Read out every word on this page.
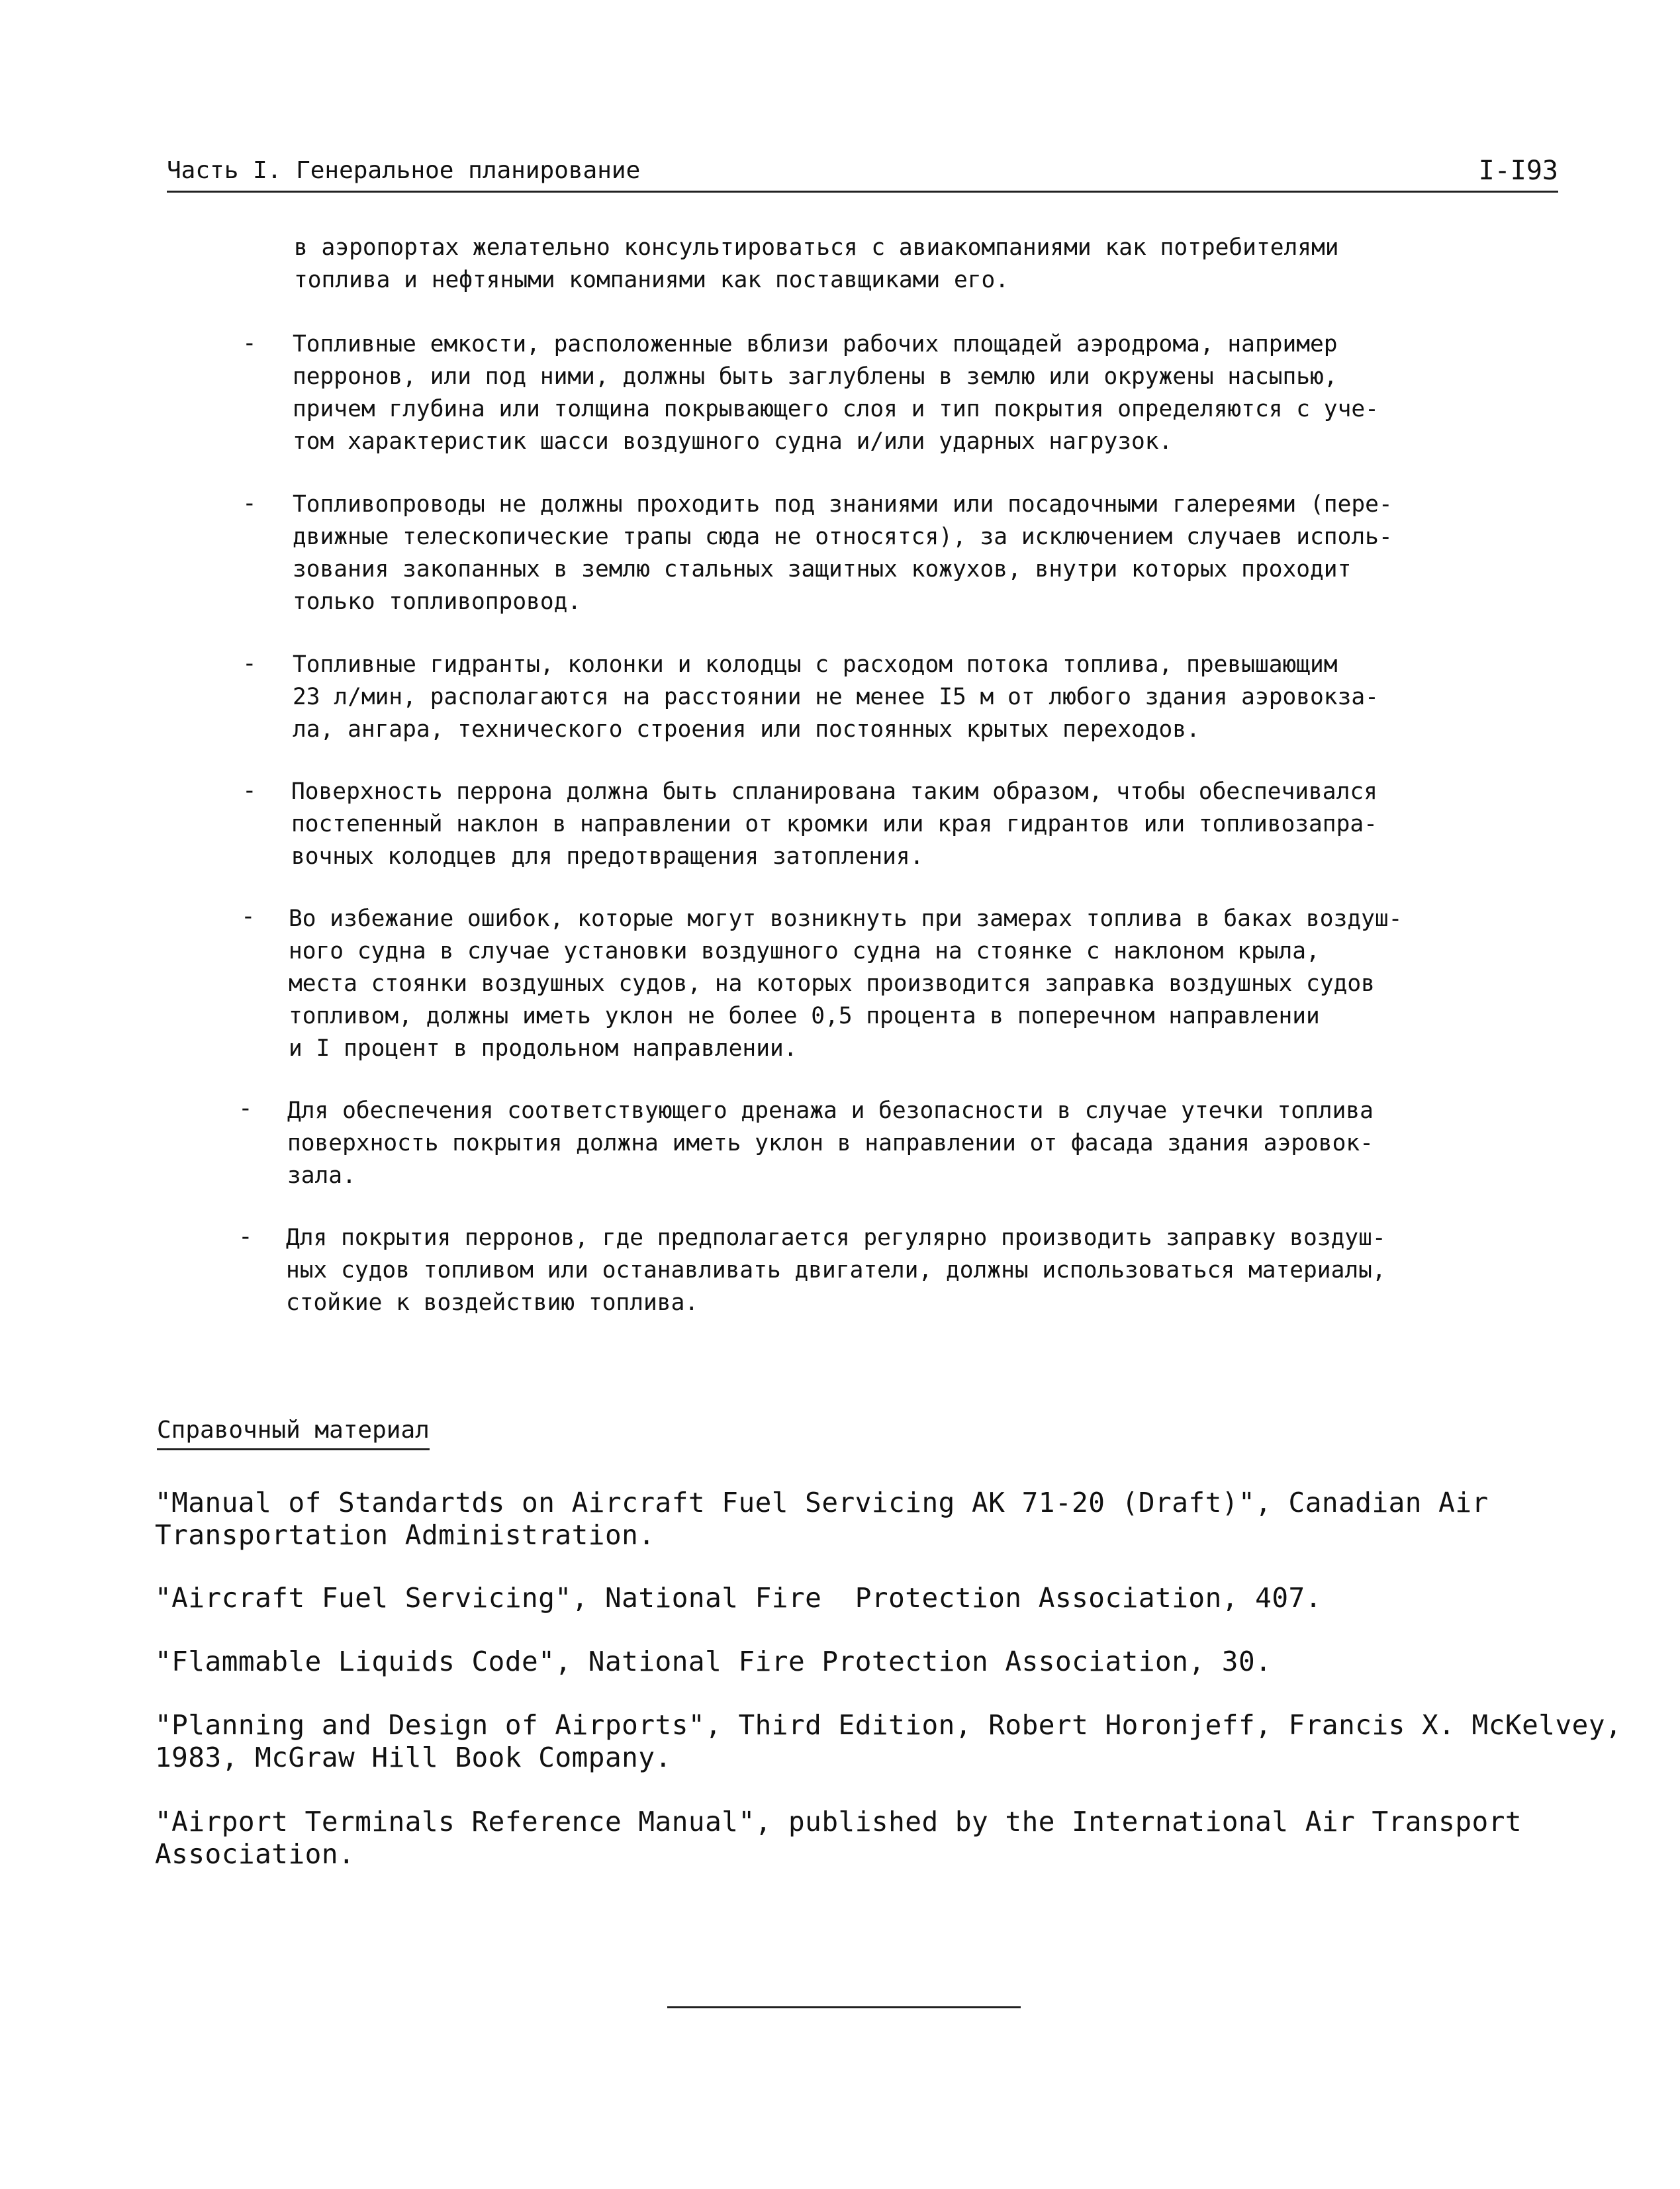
Часть I. Генеральное планирование	I-I93
в аэропортах желательно консультироваться с авиакомпаниями как потребителями
топлива и нефтяными компаниями как поставщиками его.
- Топливные емкости, расположенные вблизи рабочих площадей аэродрома, например
перронов, или под ними, должны быть заглублены в землю или окружены насыпью,
причем глубина или толщина покрывающего слоя и тип покрытия определяются с уче-
том характеристик шасси воздушного судна и/или ударных нагрузок.
- Топливопроводы не должны проходить под знаниями или посадочными галереями (пере-
движные телескопические трапы сюда не относятся), за исключением случаев исполь-
зования закопанных в землю стальных защитных кожухов, внутри которых проходит
только топливопровод.
- Топливные гидранты, колонки и колодцы с расходом потока топлива, превышающим
23 л/мин, располагаются на расстоянии не менее I5 м от любого здания аэровокза-
ла, ангара, технического строения или постоянных крытых переходов.
- Поверхность перрона должна быть спланирована таким образом, чтобы обеспечивался
постепенный наклон в направлении от кромки или края гидрантов или топливозапра-
вочных колодцев для предотвращения затопления.
- Во избежание ошибок, которые могут возникнуть при замерах топлива в баках воздуш-
ного судна в случае установки воздушного судна на стоянке с наклоном крыла,
места стоянки воздушных судов, на которых производится заправка воздушных судов
топливом, должны иметь уклон не более 0,5 процента в поперечном направлении
и I процент в продольном направлении.
- Для обеспечения соответствующего дренажа и безопасности в случае утечки топлива
поверхность покрытия должна иметь уклон в направлении от фасада здания аэровок-
зала.
- Для покрытия перронов, где предполагается регулярно производить заправку воздуш-
ных судов топливом или останавливать двигатели, должны использоваться материалы,
стойкие к воздействию топлива.
Справочный материал
"Manual of Standartds on Aircraft Fuel Servicing AK 71-20 (Draft)", Canadian Air
Transportation Administration.
"Aircraft Fuel Servicing", National Fire  Protection Association, 407.
"Flammable Liquids Code", National Fire Protection Association, 30.
"Planning and Design of Airports", Third Edition, Robert Horonjeff, Francis X. McKelvey,
1983, McGraw Hill Book Company.
"Airport Terminals Reference Manual", published by the International Air Transport
Association.
